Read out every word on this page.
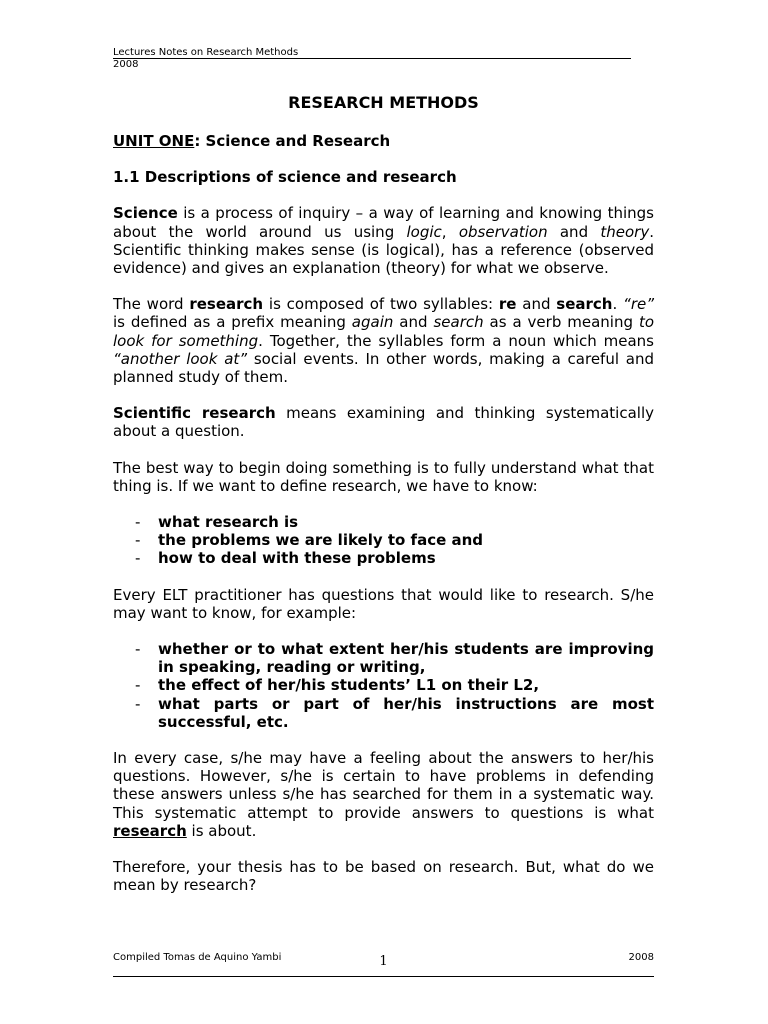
Lectures Notes on Research Methods
2008
RESEARCH METHODS
UNIT ONE: Science and Research
1.1 Descriptions of science and research

Science is a process of inquiry – a way of learning and knowing things about the world around us using logic, observation and theory. Scientific thinking makes sense (is logical), has a reference (observed evidence) and gives an explanation (theory) for what we observe.

The word research is composed of two syllables: re and search. “re” is defined as a prefix meaning again and search as a verb meaning to look for something. Together, the syllables form a noun which means “another look at” social events. In other words, making a careful and planned study of them.

Scientific research means examining and thinking systematically about a question.

The best way to begin doing something is to fully understand what that thing is. If we want to define research, we have to know:

- what research is
- the problems we are likely to face and
- how to deal with these problems

Every ELT practitioner has questions that would like to research. S/he may want to know, for example:

- whether or to what extent her/his students are improving in speaking, reading or writing,
- the effect of her/his students’ L1 on their L2,
- what parts or part of her/his instructions are most successful, etc.

In every case, s/he may have a feeling about the answers to her/his questions. However, s/he is certain to have problems in defending these answers unless s/he has searched for them in a systematic way. This systematic attempt to provide answers to questions is what research is about.

Therefore, your thesis has to be based on research. But, what do we mean by research?

Compiled Tomas de Aquino Yambi	1	2008
